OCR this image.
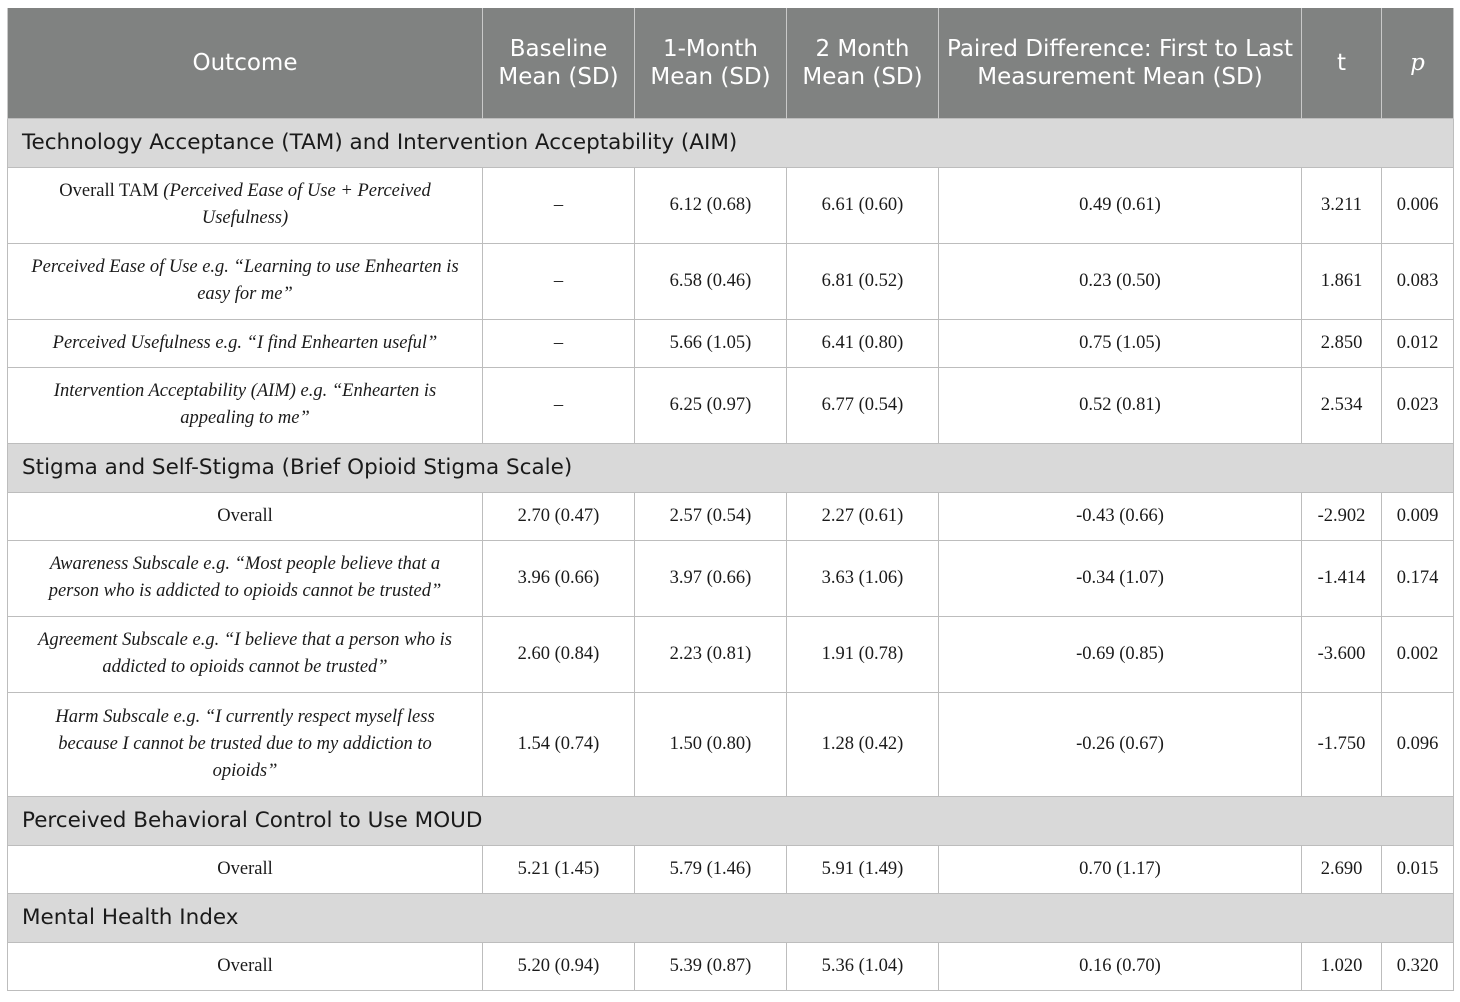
Outcome	Baseline Mean (SD)	1-Month Mean (SD)	2 Month Mean (SD)	Paired Difference: First to Last Measurement Mean (SD)	t	p
Technology Acceptance (TAM) and Intervention Acceptability (AIM)						
Overall TAM (Perceived Ease of Use + Perceived Usefulness)	–	6.12 (0.68)	6.61 (0.60)	0.49 (0.61)	3.211	0.006
Perceived Ease of Use e.g. “Learning to use Enhearten is easy for me”	–	6.58 (0.46)	6.81 (0.52)	0.23 (0.50)	1.861	0.083
Perceived Usefulness e.g. “I find Enhearten useful”	–	5.66 (1.05)	6.41 (0.80)	0.75 (1.05)	2.850	0.012
Intervention Acceptability (AIM) e.g. “Enhearten is appealing to me”	–	6.25 (0.97)	6.77 (0.54)	0.52 (0.81)	2.534	0.023
Stigma and Self-Stigma (Brief Opioid Stigma Scale)						
Overall	2.70 (0.47)	2.57 (0.54)	2.27 (0.61)	-0.43 (0.66)	-2.902	0.009
Awareness Subscale e.g. “Most people believe that a person who is addicted to opioids cannot be trusted”	3.96 (0.66)	3.97 (0.66)	3.63 (1.06)	-0.34 (1.07)	-1.414	0.174
Agreement Subscale e.g. “I believe that a person who is addicted to opioids cannot be trusted”	2.60 (0.84)	2.23 (0.81)	1.91 (0.78)	-0.69 (0.85)	-3.600	0.002
Harm Subscale e.g. “I currently respect myself less because I cannot be trusted due to my addiction to opioids”	1.54 (0.74)	1.50 (0.80)	1.28 (0.42)	-0.26 (0.67)	-1.750	0.096
Perceived Behavioral Control to Use MOUD						
Overall	5.21 (1.45)	5.79 (1.46)	5.91 (1.49)	0.70 (1.17)	2.690	0.015
Mental Health Index						
Overall	5.20 (0.94)	5.39 (0.87)	5.36 (1.04)	0.16 (0.70)	1.020	0.320
